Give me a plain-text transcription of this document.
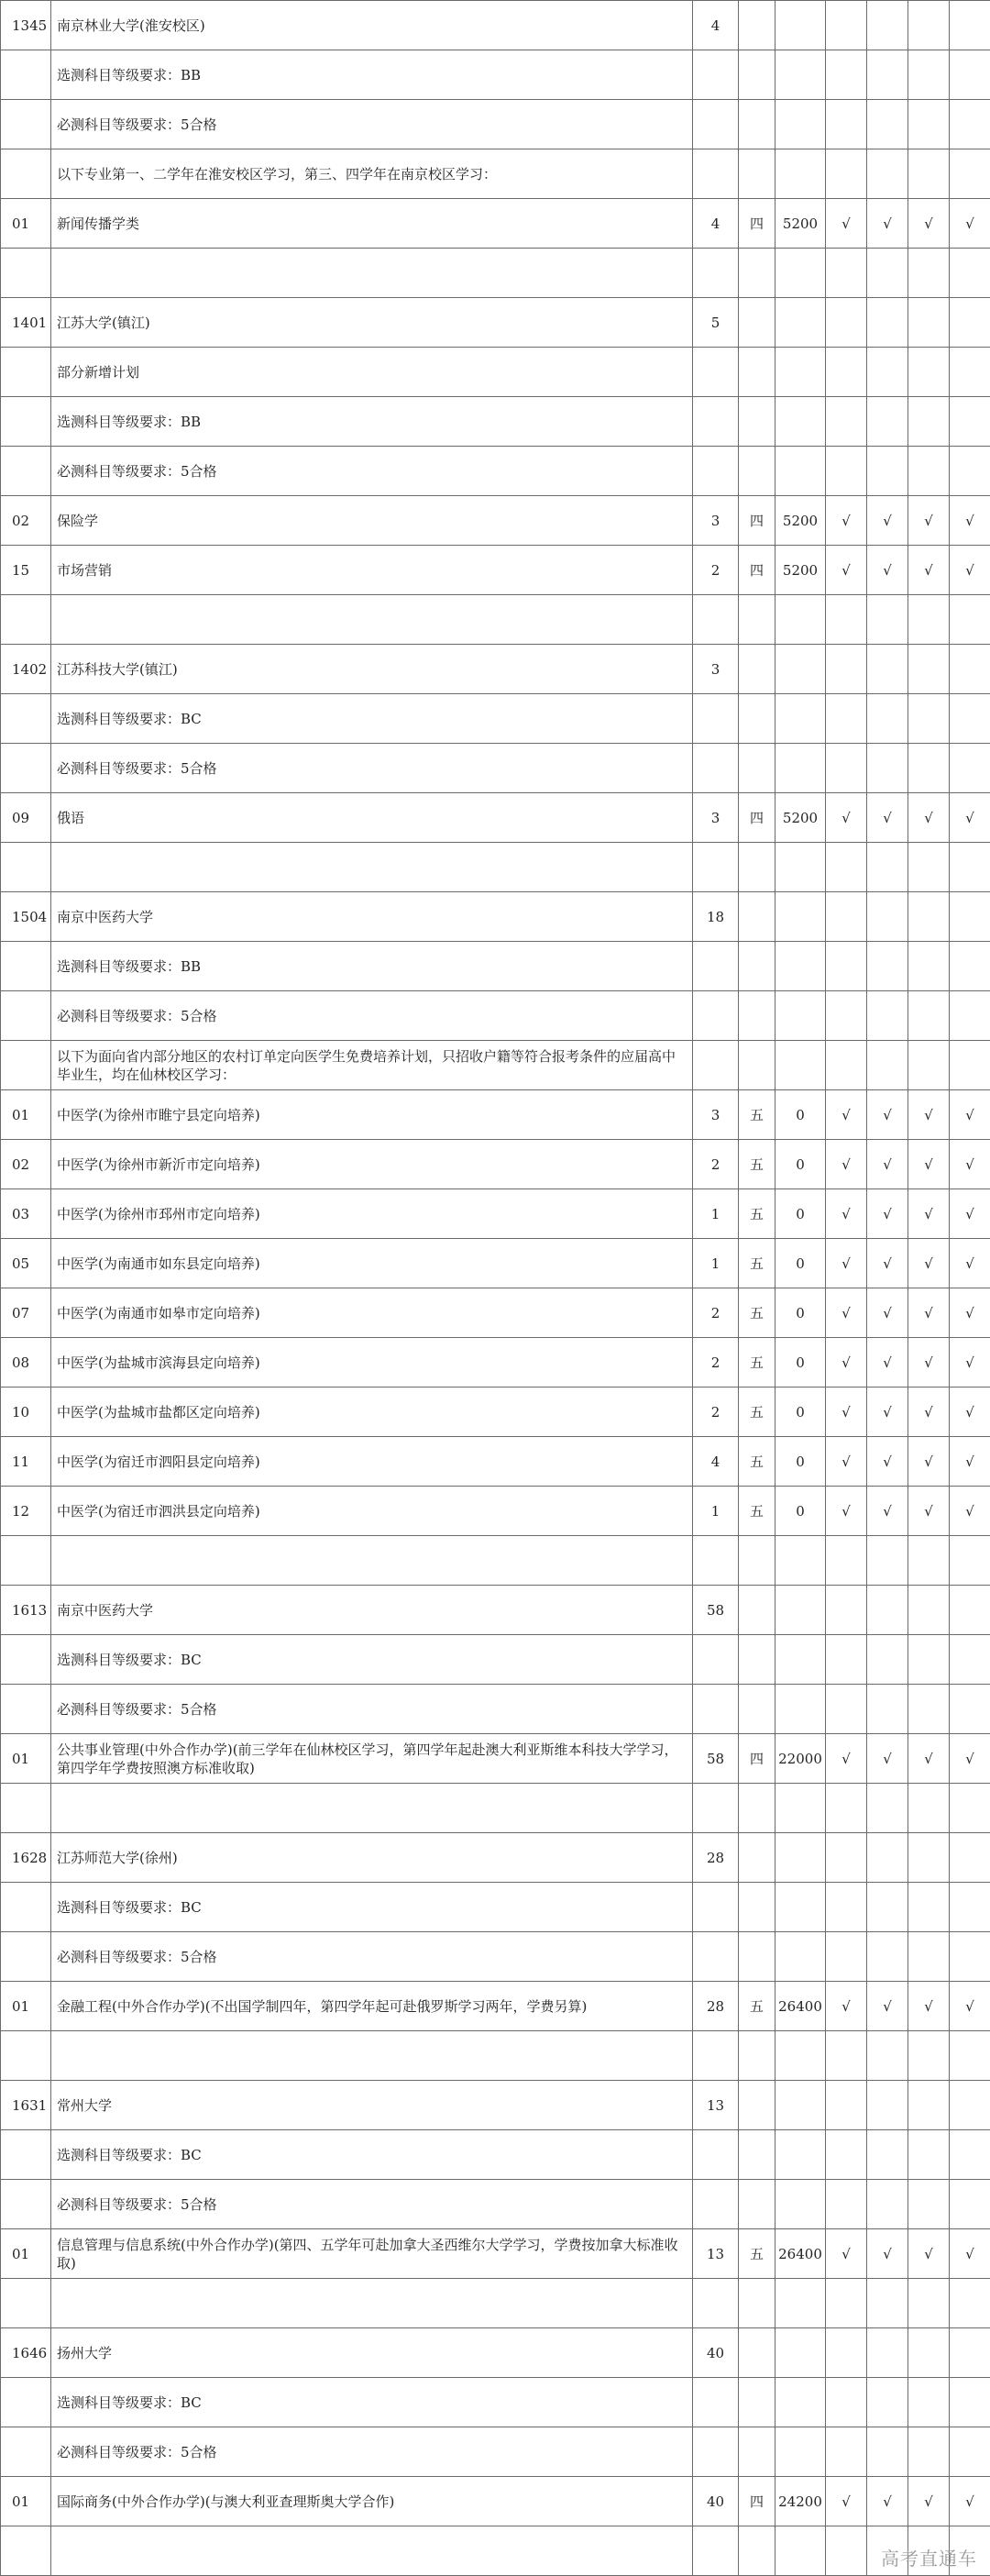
1345	南京林业大学(淮安校区)	4						
	选测科目等级要求：BB							
	必测科目等级要求：5合格							
	以下专业第一、二学年在淮安校区学习，第三、四学年在南京校区学习：							
01	新闻传播学类	4	四	5200	√	√	√	√

1401	江苏大学(镇江)	5						
	部分新增计划							
	选测科目等级要求：BB							
	必测科目等级要求：5合格							
02	保险学	3	四	5200	√	√	√	√
15	市场营销	2	四	5200	√	√	√	√

1402	江苏科技大学(镇江)	3						
	选测科目等级要求：BC							
	必测科目等级要求：5合格							
09	俄语	3	四	5200	√	√	√	√

1504	南京中医药大学	18						
	选测科目等级要求：BB							
	必测科目等级要求：5合格							
	以下为面向省内部分地区的农村订单定向医学生免费培养计划，只招收户籍等符合报考条件的应届高中毕业生，均在仙林校区学习：							
01	中医学(为徐州市睢宁县定向培养)	3	五	0	√	√	√	√
02	中医学(为徐州市新沂市定向培养)	2	五	0	√	√	√	√
03	中医学(为徐州市邳州市定向培养)	1	五	0	√	√	√	√
05	中医学(为南通市如东县定向培养)	1	五	0	√	√	√	√
07	中医学(为南通市如皋市定向培养)	2	五	0	√	√	√	√
08	中医学(为盐城市滨海县定向培养)	2	五	0	√	√	√	√
10	中医学(为盐城市盐都区定向培养)	2	五	0	√	√	√	√
11	中医学(为宿迁市泗阳县定向培养)	4	五	0	√	√	√	√
12	中医学(为宿迁市泗洪县定向培养)	1	五	0	√	√	√	√

1613	南京中医药大学	58						
	选测科目等级要求：BC							
	必测科目等级要求：5合格							
01	公共事业管理(中外合作办学)(前三学年在仙林校区学习，第四学年起赴澳大利亚斯维本科技大学学习，第四学年学费按照澳方标准收取)	58	四	22000	√	√	√	√

1628	江苏师范大学(徐州)	28						
	选测科目等级要求：BC							
	必测科目等级要求：5合格							
01	金融工程(中外合作办学)(不出国学制四年，第四学年起可赴俄罗斯学习两年，学费另算)	28	五	26400	√	√	√	√

1631	常州大学	13						
	选测科目等级要求：BC							
	必测科目等级要求：5合格							
01	信息管理与信息系统(中外合作办学)(第四、五学年可赴加拿大圣西维尔大学学习，学费按加拿大标准收取)	13	五	26400	√	√	√	√

1646	扬州大学	40						
	选测科目等级要求：BC							
	必测科目等级要求：5合格							
01	国际商务(中外合作办学)(与澳大利亚查理斯奥大学合作)	40	四	24200	√	√	√	√

高考直通车
